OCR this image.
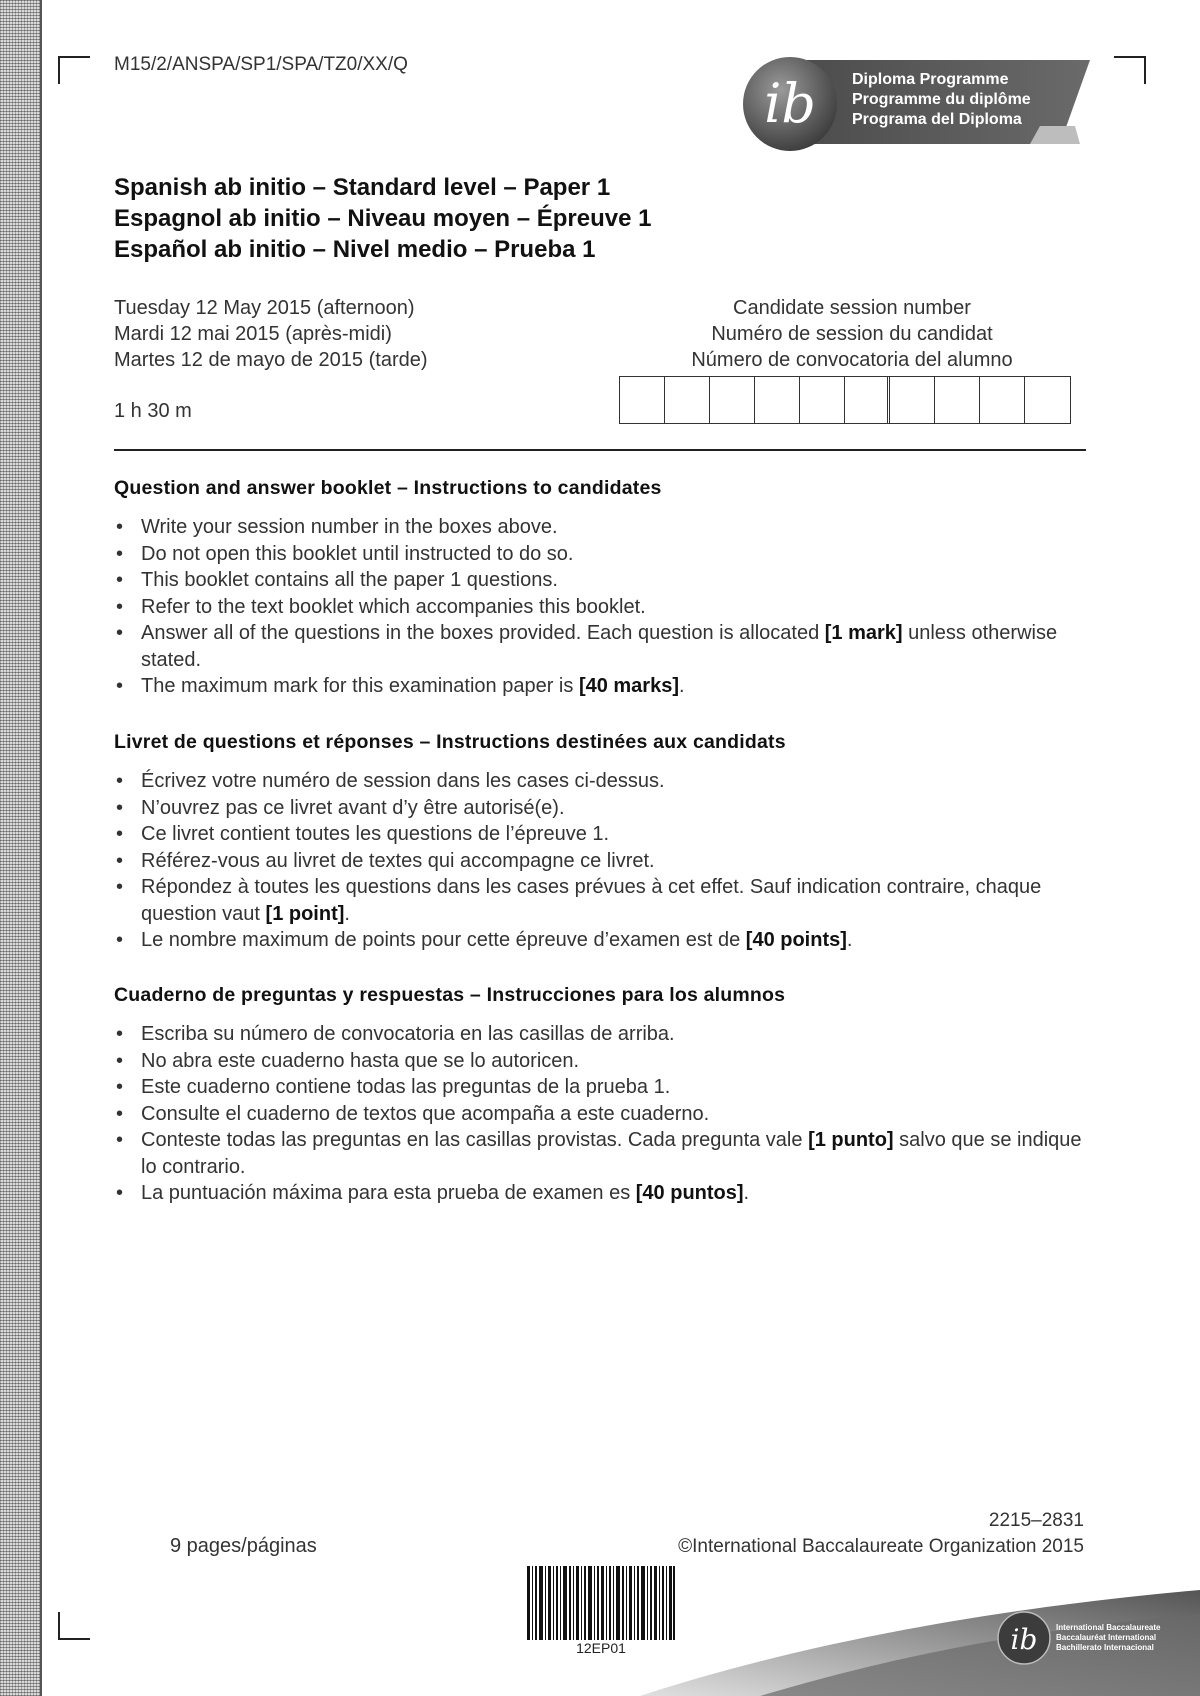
M15/2/ANSPA/SP1/SPA/TZ0/XX/Q
ib Diploma Programme
Programme du diplôme
Programa del Diploma
Spanish ab initio – Standard level – Paper 1
Espagnol ab initio – Niveau moyen – Épreuve 1
Español ab initio – Nivel medio – Prueba 1
Tuesday 12 May 2015 (afternoon)
Mardi 12 mai 2015 (après-midi)
Martes 12 de mayo de 2015 (tarde)
1 h 30 m
Candidate session number
Numéro de session du candidat
Número de convocatoria del alumno
Question and answer booklet – Instructions to candidates
• Write your session number in the boxes above.
• Do not open this booklet until instructed to do so.
• This booklet contains all the paper 1 questions.
• Refer to the text booklet which accompanies this booklet.
• Answer all of the questions in the boxes provided. Each question is allocated [1 mark] unless otherwise stated.
• The maximum mark for this examination paper is [40 marks].
Livret de questions et réponses – Instructions destinées aux candidats
• Écrivez votre numéro de session dans les cases ci-dessus.
• N’ouvrez pas ce livret avant d’y être autorisé(e).
• Ce livret contient toutes les questions de l’épreuve 1.
• Référez-vous au livret de textes qui accompagne ce livret.
• Répondez à toutes les questions dans les cases prévues à cet effet. Sauf indication contraire, chaque question vaut [1 point].
• Le nombre maximum de points pour cette épreuve d’examen est de [40 points].
Cuaderno de preguntas y respuestas – Instrucciones para los alumnos
• Escriba su número de convocatoria en las casillas de arriba.
• No abra este cuaderno hasta que se lo autoricen.
• Este cuaderno contiene todas las preguntas de la prueba 1.
• Consulte el cuaderno de textos que acompaña a este cuaderno.
• Conteste todas las preguntas en las casillas provistas. Cada pregunta vale [1 punto] salvo que se indique lo contrario.
• La puntuación máxima para esta prueba de examen es [40 puntos].
9 pages/páginas
2215–2831
©International Baccalaureate Organization 2015
12EP01	ib International Baccalaureate
Baccalauréat International
Bachillerato Internacional
